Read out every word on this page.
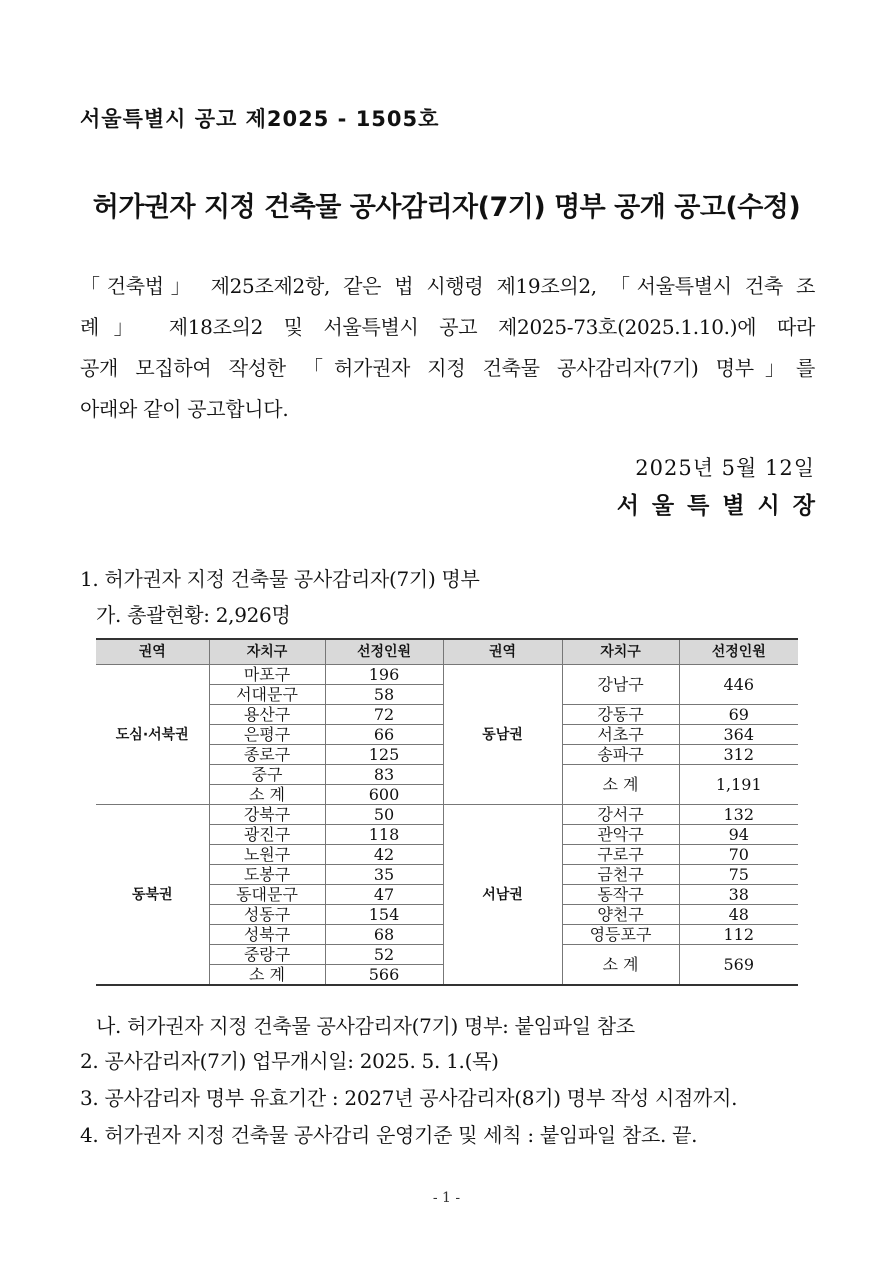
서울특별시 공고 제2025 - 1505호
허가권자 지정 건축물 공사감리자(7기) 명부 공개 공고(수정)
「건축법」 제25조제2항, 같은 법 시행령 제19조의2, 「서울특별시 건축 조
례」 제18조의2 및 서울특별시 공고 제2025-73호(2025.1.10.)에 따라
공개 모집하여 작성한 「허가권자 지정 건축물 공사감리자(7기) 명부」를
아래와 같이 공고합니다.
2025년 5월 12일
서울특별시장
1. 허가권자 지정 건축물 공사감리자(7기) 명부
가. 총괄현황: 2,926명
권역	자치구	선정인원	권역	자치구	선정인원
도심·서북권	마포구	196	동남권	강남구	446
	서대문구	58			
	용산구	72		강동구	69
	은평구	66		서초구	364
	종로구	125		송파구	312
	중구	83		소 계	1,191
	소 계	600			
동북권	강북구	50	서남권	강서구	132
	광진구	118		관악구	94
	노원구	42		구로구	70
	도봉구	35		금천구	75
	동대문구	47		동작구	38
	성동구	154		양천구	48
	성북구	68		영등포구	112
	중랑구	52		소 계	569
	소 계	566			
나. 허가권자 지정 건축물 공사감리자(7기) 명부: 붙임파일 참조
2. 공사감리자(7기) 업무개시일: 2025. 5. 1.(목)
3. 공사감리자 명부 유효기간 : 2027년 공사감리자(8기) 명부 작성 시점까지.
4. 허가권자 지정 건축물 공사감리 운영기준 및 세칙 : 붙임파일 참조. 끝.
- 1 -
